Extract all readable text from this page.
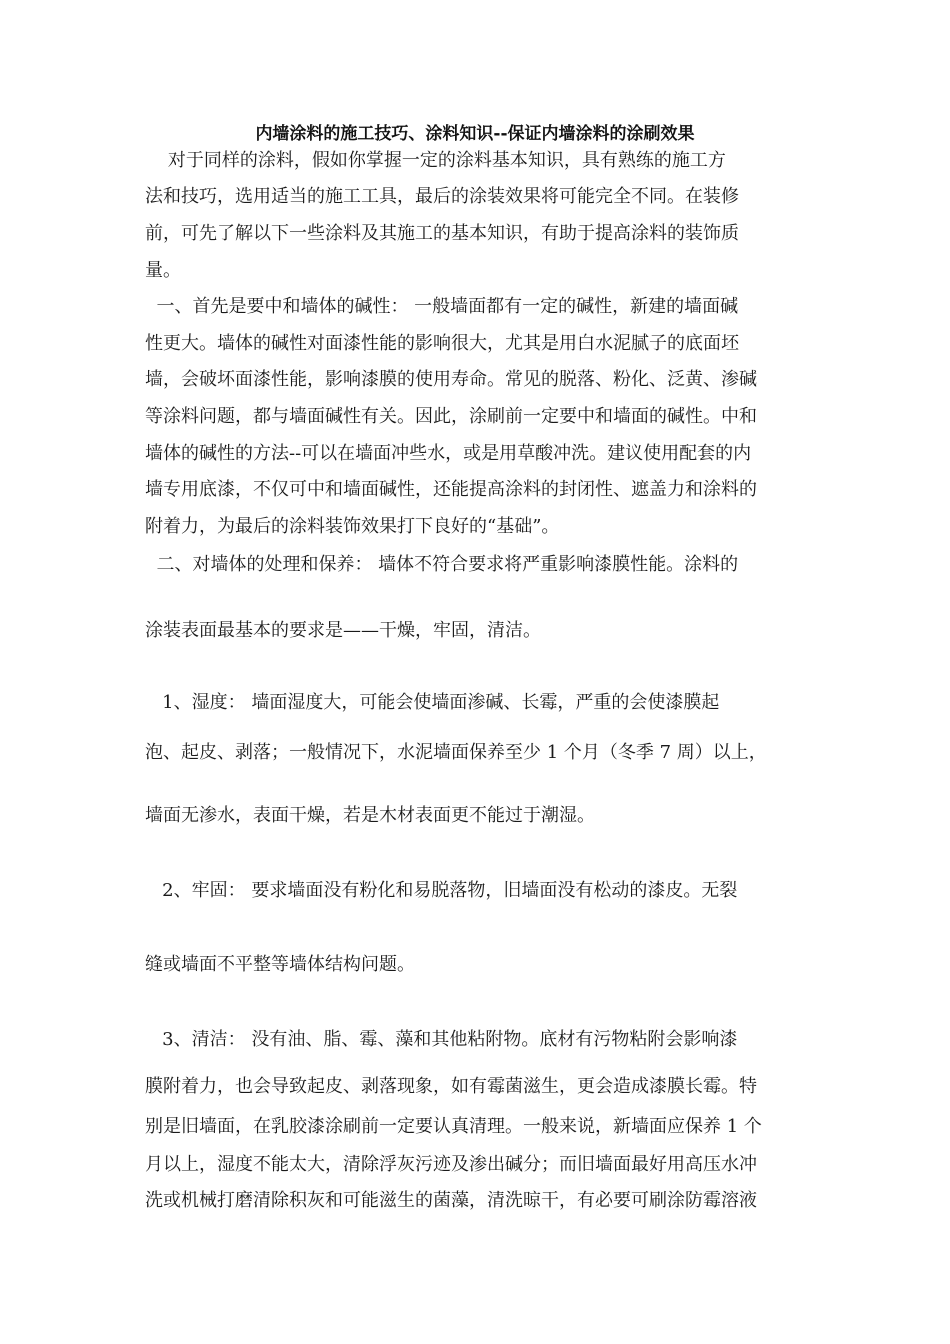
内墙涂料的施工技巧、涂料知识--保证内墙涂料的涂刷效果
对于同样的涂料，假如你掌握一定的涂料基本知识，具有熟练的施工方
法和技巧，选用适当的施工工具，最后的涂装效果将可能完全不同。在装修
前，可先了解以下一些涂料及其施工的基本知识，有助于提高涂料的装饰质
量。
一、首先是要中和墙体的碱性： 一般墙面都有一定的碱性，新建的墙面碱
性更大。墙体的碱性对面漆性能的影响很大，尤其是用白水泥腻子的底面坯
墙，会破坏面漆性能，影响漆膜的使用寿命。常见的脱落、粉化、泛黄、渗碱
等涂料问题，都与墙面碱性有关。因此，涂刷前一定要中和墙面的碱性。中和
墙体的碱性的方法--可以在墙面冲些水，或是用草酸冲洗。建议使用配套的内
墙专用底漆，不仅可中和墙面碱性，还能提高涂料的封闭性、遮盖力和涂料的
附着力，为最后的涂料装饰效果打下良好的“基础”。
二、对墙体的处理和保养： 墙体不符合要求将严重影响漆膜性能。涂料的
涂装表面最基本的要求是——干燥，牢固，清洁。
1、湿度： 墙面湿度大，可能会使墙面渗碱、长霉，严重的会使漆膜起
泡、起皮、剥落；一般情况下，水泥墙面保养至少 1 个月（冬季 7 周）以上，
墙面无渗水，表面干燥，若是木材表面更不能过于潮湿。
2、牢固： 要求墙面没有粉化和易脱落物，旧墙面没有松动的漆皮。无裂
缝或墙面不平整等墙体结构问题。
3、清洁： 没有油、脂、霉、藻和其他粘附物。底材有污物粘附会影响漆
膜附着力，也会导致起皮、剥落现象，如有霉菌滋生，更会造成漆膜长霉。特
别是旧墙面，在乳胶漆涂刷前一定要认真清理。一般来说，新墙面应保养 1 个
月以上，湿度不能太大，清除浮灰污迹及渗出碱分；而旧墙面最好用高压水冲
洗或机械打磨清除积灰和可能滋生的菌藻，清洗晾干，有必要可刷涂防霉溶液
